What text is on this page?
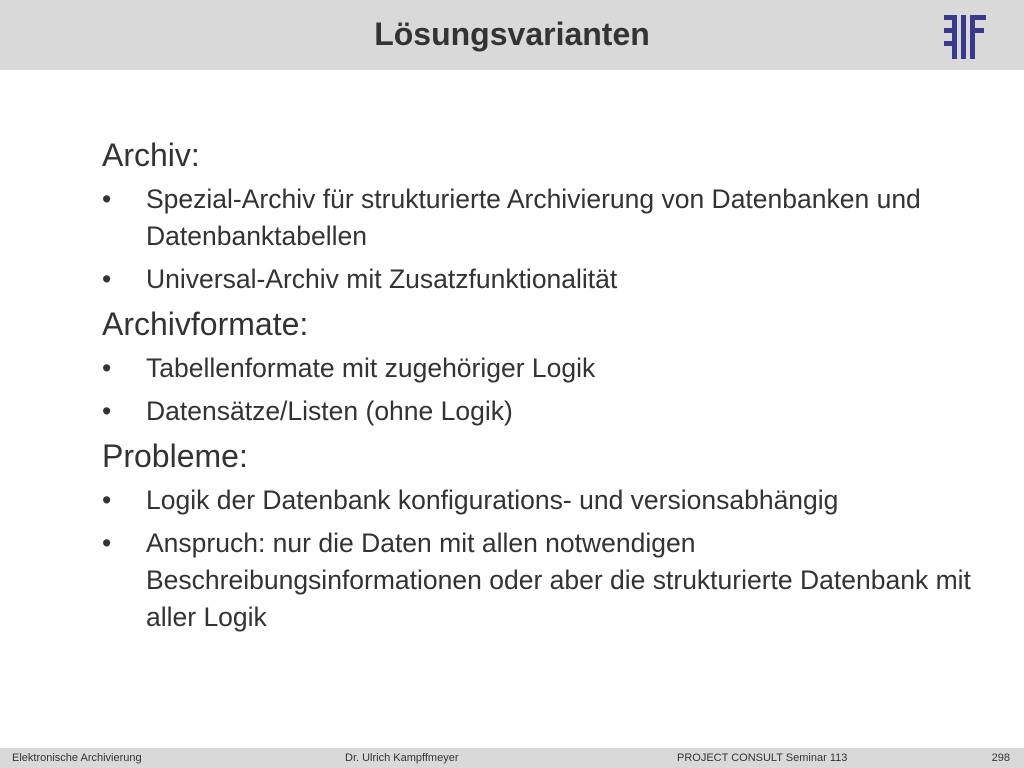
Lösungsvarianten

Archiv:

•	Spezial-Archiv für strukturierte Archivierung von Datenbanken und Datenbanktabellen
•	Universal-Archiv mit Zusatzfunktionalität

Archivformate:

•	Tabellenformate mit zugehöriger Logik
•	Datensätze/Listen (ohne Logik)

Probleme:

•	Logik der Datenbank konfigurations- und versionsabhängig
•	Anspruch: nur die Daten mit allen notwendigen Beschreibungsinformationen oder aber die strukturierte Datenbank mit aller Logik
Elektronische Archivierung	Dr. Ulrich Kampffmeyer	PROJECT CONSULT Seminar 113	298
